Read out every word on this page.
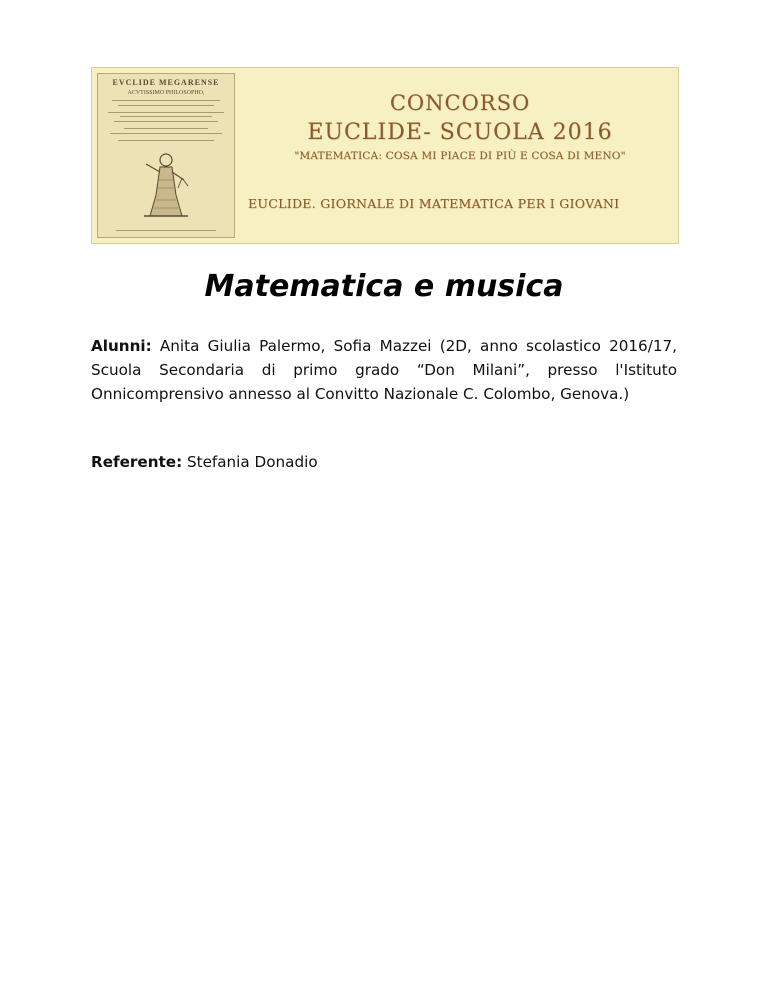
EVCLIDE MEGARENSE
ACVTISSIMO PHILOSOPHO,	CONCORSO
EUCLIDE- SCUOLA 2016
"MATEMATICA: COSA MI PIACE DI PIÙ E COSA DI MENO"
EUCLIDE. GIORNALE DI MATEMATICA PER I GIOVANI
Matematica e musica
Alunni: Anita Giulia Palermo, Sofia Mazzei (2D, anno scolastico 2016/17, Scuola Secondaria di primo grado “Don Milani”, presso l'Istituto Onnicomprensivo annesso al Convitto Nazionale C. Colombo, Genova.)
Referente: Stefania Donadio
